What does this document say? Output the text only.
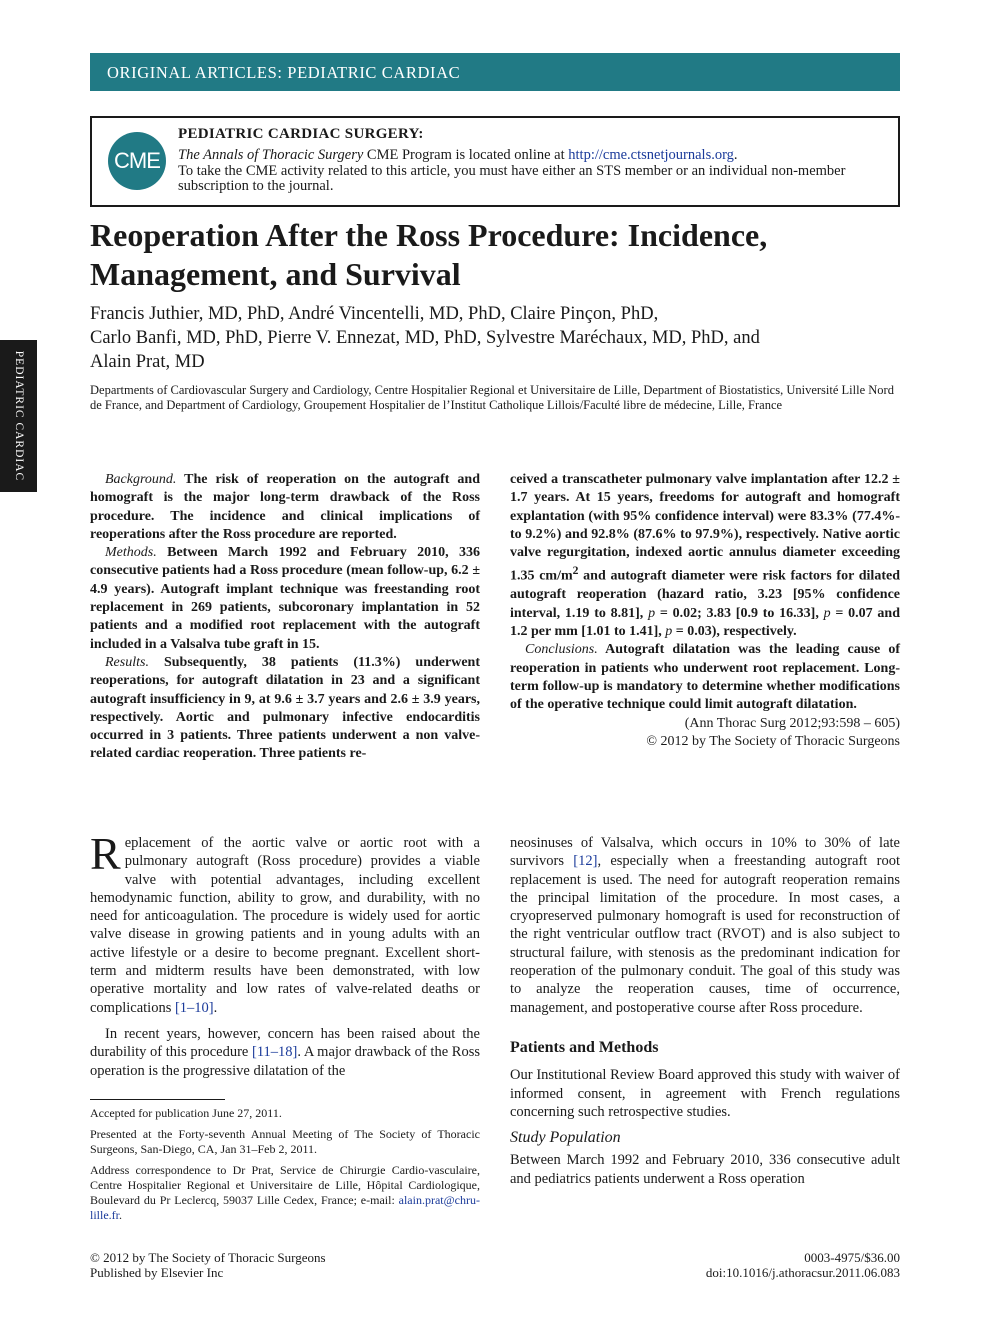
ORIGINAL ARTICLES: PEDIATRIC CARDIAC
PEDIATRIC CARDIAC
CME
PEDIATRIC CARDIAC SURGERY:
The Annals of Thoracic Surgery CME Program is located online at http://cme.ctsnetjournals.org.
To take the CME activity related to this article, you must have either an STS member or an individual non-member subscription to the journal.
Reoperation After the Ross Procedure: Incidence, Management, and Survival
Francis Juthier, MD, PhD, André Vincentelli, MD, PhD, Claire Pinçon, PhD,
Carlo Banfi, MD, PhD, Pierre V. Ennezat, MD, PhD, Sylvestre Maréchaux, MD, PhD, and
Alain Prat, MD
Departments of Cardiovascular Surgery and Cardiology, Centre Hospitalier Regional et Universitaire de Lille, Department of Biostatistics, Université Lille Nord de France, and Department of Cardiology, Groupement Hospitalier de l’Institut Catholique Lillois/Faculté libre de médecine, Lille, France

Background. The risk of reoperation on the autograft and homograft is the major long-term drawback of the Ross procedure. The incidence and clinical implications of reoperations after the Ross procedure are reported.

Methods. Between March 1992 and February 2010, 336 consecutive patients had a Ross procedure (mean follow-up, 6.2 ± 4.9 years). Autograft implant technique was freestanding root replacement in 269 patients, subcoronary implantation in 52 patients and a modified root replacement with the autograft included in a Valsalva tube graft in 15.

Results. Subsequently, 38 patients (11.3%) underwent reoperations, for autograft dilatation in 23 and a significant autograft insufficiency in 9, at 9.6 ± 3.7 years and 2.6 ± 3.9 years, respectively. Aortic and pulmonary infective endocarditis occurred in 3 patients. Three patients underwent a non valve-related cardiac reoperation. Three patients re-

ceived a transcatheter pulmonary valve implantation after 12.2 ± 1.7 years. At 15 years, freedoms for autograft and homograft explantation (with 95% confidence interval) were 83.3% (77.4%- to 9.2%) and 92.8% (87.6% to 97.9%), respectively. Native aortic valve regurgitation, indexed aortic annulus diameter exceeding 1.35 $cm/m^2$ and autograft diameter were risk factors for dilated autograft reoperation (hazard ratio, 3.23 [95% confidence interval, 1.19 to 8.81], p = 0.02; 3.83 [0.9 to 16.33], p = 0.07 and 1.2 per mm [1.01 to 1.41], p = 0.03), respectively.

Conclusions. Autograft dilatation was the leading cause of reoperation in patients who underwent root replacement. Long-term follow-up is mandatory to determine whether modifications of the operative technique could limit autograft dilatation.

(Ann Thorac Surg 2012;93:598 – 605)

© 2012 by The Society of Thoracic Surgeons

Replacement of the aortic valve or aortic root with a pulmonary autograft (Ross procedure) provides a viable valve with potential advantages, including excellent hemodynamic function, ability to grow, and durability, with no need for anticoagulation. The procedure is widely used for aortic valve disease in growing patients and in young adults with an active lifestyle or a desire to become pregnant. Excellent short-term and midterm results have been demonstrated, with low operative mortality and low rates of valve-related deaths or complications [1–10].

In recent years, however, concern has been raised about the durability of this procedure [11–18]. A major drawback of the Ross operation is the progressive dilatation of the

neosinuses of Valsalva, which occurs in 10% to 30% of late survivors [12], especially when a freestanding autograft root replacement is used. The need for autograft reoperation remains the principal limitation of the procedure. In most cases, a cryopreserved pulmonary homograft is used for reconstruction of the right ventricular outflow tract (RVOT) and is also subject to structural failure, with stenosis as the predominant indication for reoperation of the pulmonary conduit. The goal of this study was to analyze the reoperation causes, time of occurrence, management, and postoperative course after Ross procedure.

Patients and Methods

Our Institutional Review Board approved this study with waiver of informed consent, in agreement with French regulations concerning such retrospective studies.

Study Population

Between March 1992 and February 2010, 336 consecutive adult and pediatrics patients underwent a Ross operation

Accepted for publication June 27, 2011.

Presented at the Forty-seventh Annual Meeting of The Society of Thoracic Surgeons, San-Diego, CA, Jan 31–Feb 2, 2011.

Address correspondence to Dr Prat, Service de Chirurgie Cardio-vasculaire, Centre Hospitalier Regional et Universitaire de Lille, Hôpital Cardiologique, Boulevard du Pr Leclercq, 59037 Lille Cedex, France; e-mail: alain.prat@chru-lille.fr.

© 2012 by The Society of Thoracic Surgeons
Published by Elsevier Inc
0003-4975/$36.00
doi:10.1016/j.athoracsur.2011.06.083
